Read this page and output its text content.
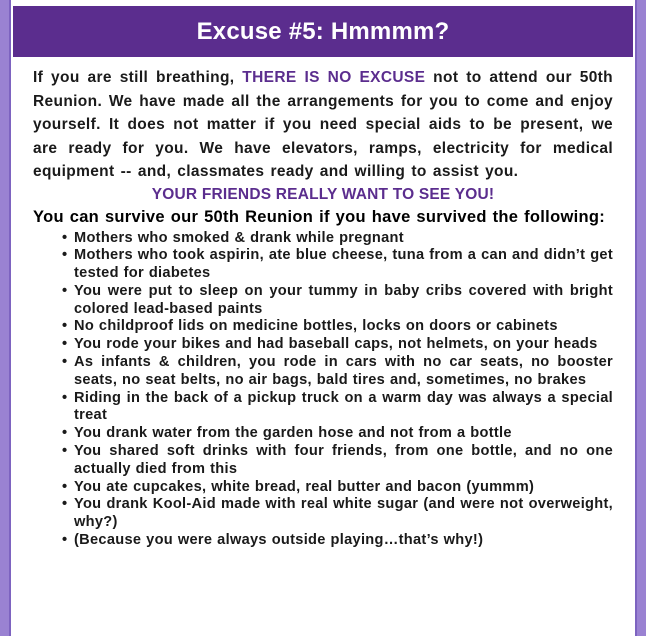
Excuse #5: Hmmmm?

If you are still breathing, THERE IS NO EXCUSE not to attend our 50th Reunion. We have made all the arrangements for you to come and enjoy yourself. It does not matter if you need special aids to be present, we are ready for you. We have elevators, ramps, electricity for medical equipment -- and, classmates ready and willing to assist you.

YOUR FRIENDS REALLY WANT TO SEE YOU!

You can survive our 50th Reunion if you have survived the following:

• Mothers who smoked & drank while pregnant
• Mothers who took aspirin, ate blue cheese, tuna from a can and didn’t get tested for diabetes
• You were put to sleep on your tummy in baby cribs covered with bright colored lead-based paints
• No childproof lids on medicine bottles, locks on doors or cabinets
• You rode your bikes and had baseball caps, not helmets, on your heads
• As infants & children, you rode in cars with no car seats, no booster seats, no seat belts, no air bags, bald tires and, sometimes, no brakes
• Riding in the back of a pickup truck on a warm day was always a special treat
• You drank water from the garden hose and not from a bottle
• You shared soft drinks with four friends, from one bottle, and no one actually died from this
• You ate cupcakes, white bread, real butter and bacon (yummm)
• You drank Kool-Aid made with real white sugar (and were not overweight, why?)
• (Because you were always outside playing…that’s why!)
